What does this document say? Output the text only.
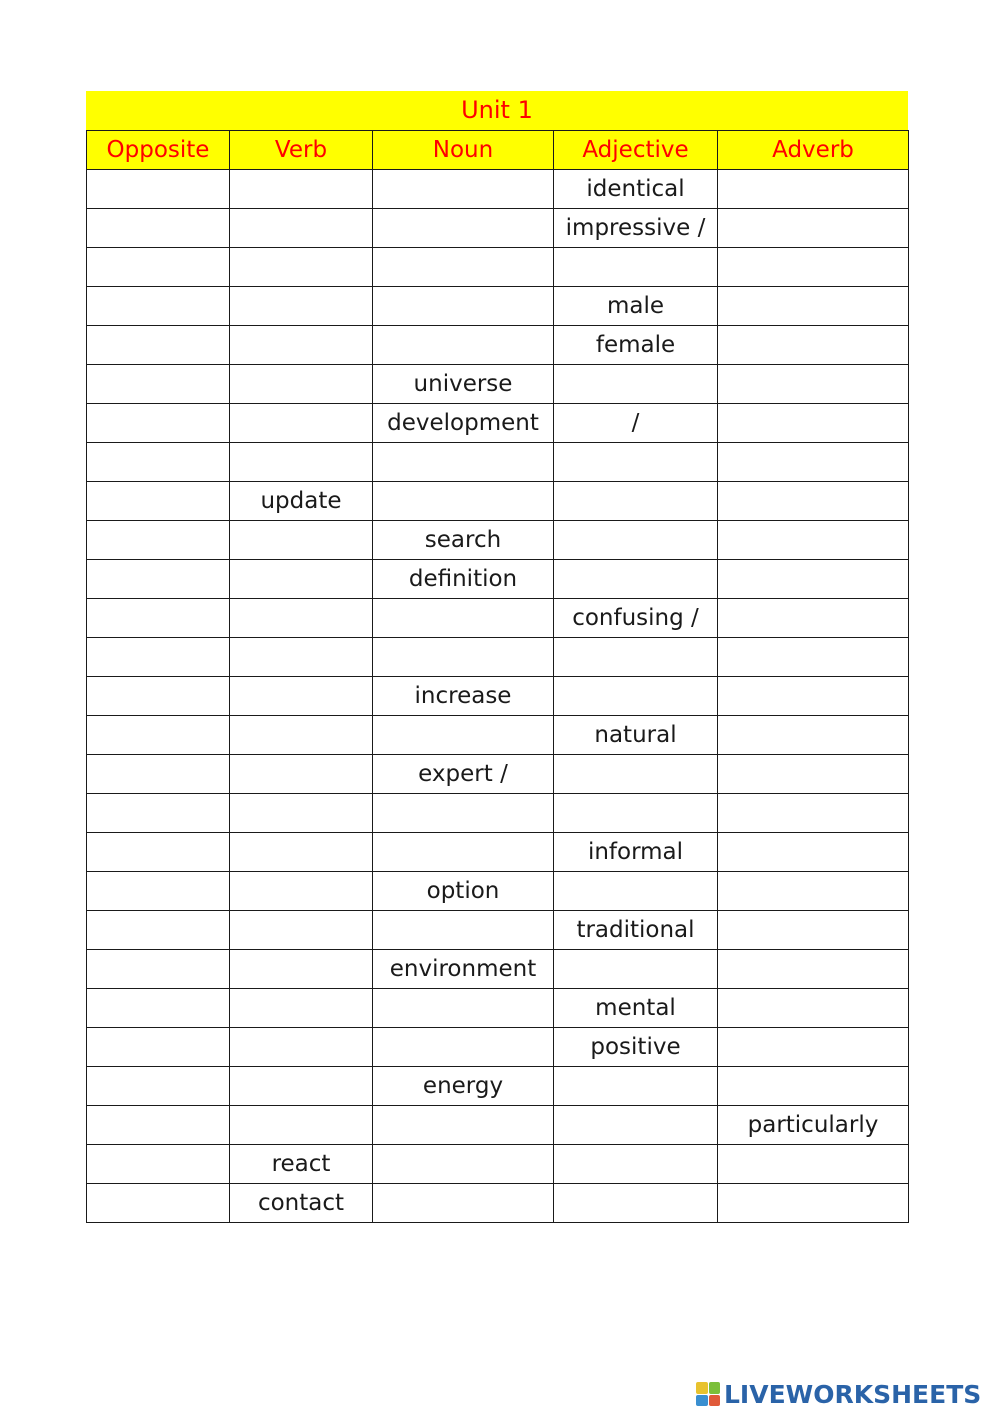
Unit 1
Opposite	Verb	Noun	Adjective	Adverb
			identical	
			impressive /	

			male	
			female	
		universe		
		development	/	

	update			
		search		
		definition		
			confusing /	

		increase		
			natural	
		expert /		

			informal	
		option		
			traditional	
		environment		
			mental	
			positive	
		energy		
				particularly
	react			
	contact			
LIVEWORKSHEETS
